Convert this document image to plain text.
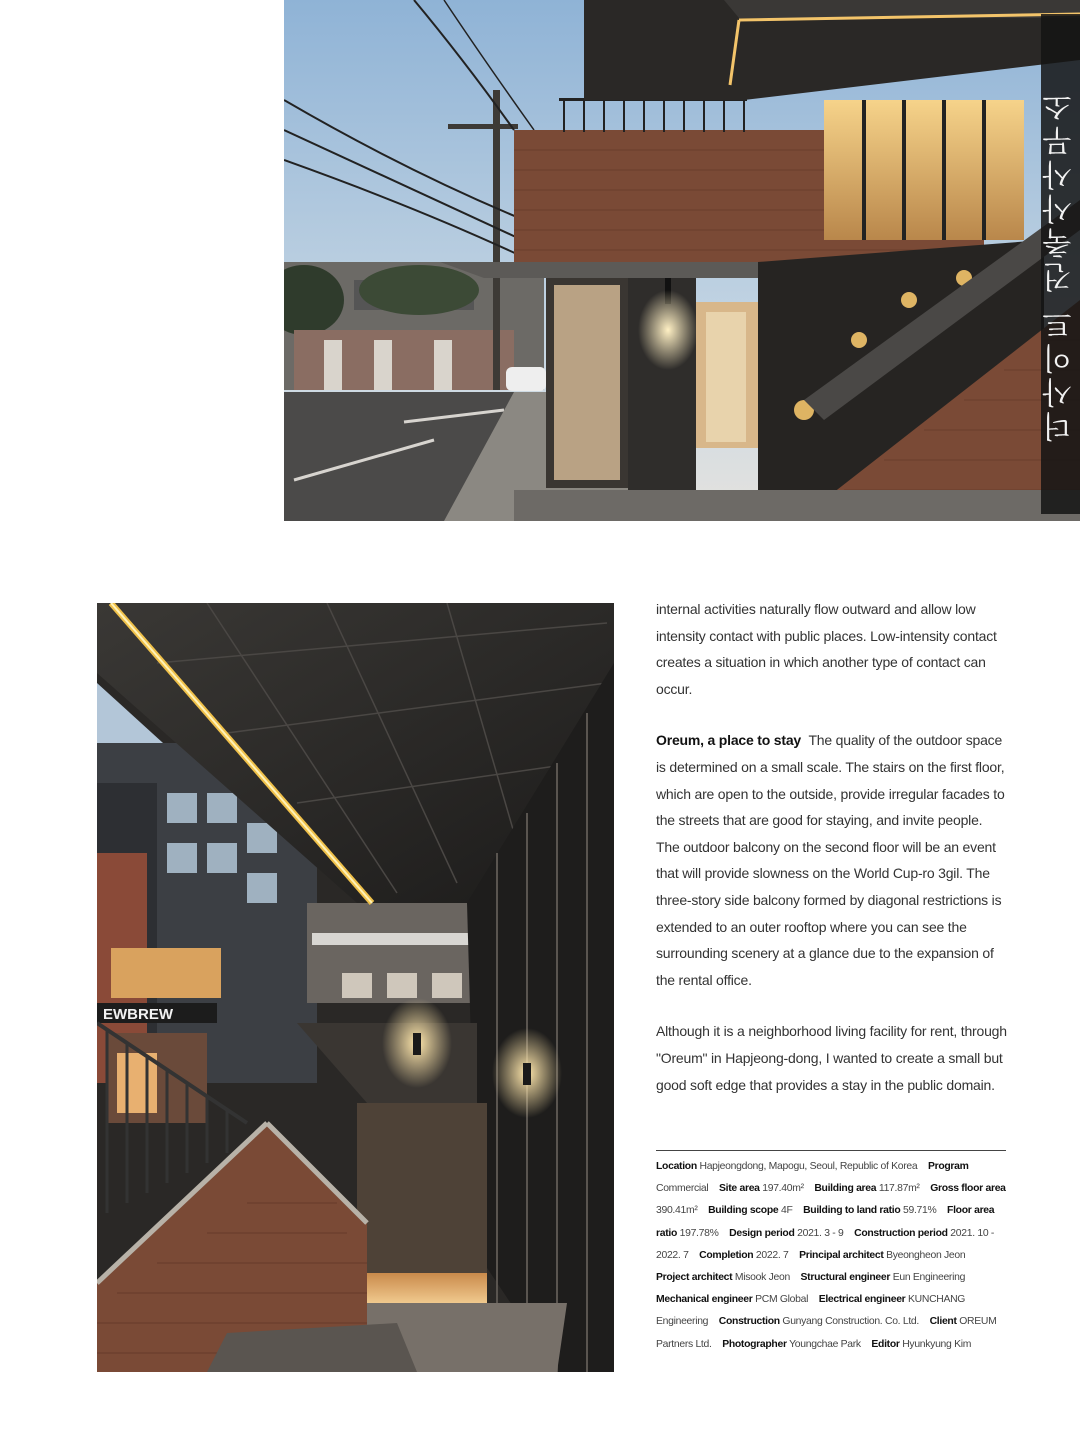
더사이트 건축사사무소
EWBREW

internal activities naturally flow outward and allow low intensity contact with public places. Low-intensity contact creates a situation in which another type of contact can occur.

Oreum, a place to stay The quality of the outdoor space is determined on a small scale. The stairs on the first floor, which are open to the outside, provide irregular facades to the streets that are good for staying, and invite people. The outdoor balcony on the second floor will be an event that will provide slowness on the World Cup-ro 3gil. The three-story side balcony formed by diagonal restrictions is extended to an outer rooftop where you can see the surrounding scenery at a glance due to the expansion of the rental office.

Although it is a neighborhood living facility for rent, through "Oreum" in Hapjeong-dong, I wanted to create a small but good soft edge that provides a stay in the public domain.

Location Hapjeongdong, Mapogu, Seoul, Republic of Korea Program Commercial Site area 197.40m² Building area 117.87m² Gross floor area 390.41m² Building scope 4F Building to land ratio 59.71% Floor area ratio 197.78% Design period 2021. 3 - 9 Construction period 2021. 10 - 2022. 7 Completion 2022. 7 Principal architect Byeongheon Jeon Project architect Misook Jeon Structural engineer Eun Engineering Mechanical engineer PCM Global Electrical engineer KUNCHANG Engineering Construction Gunyang Construction. Co. Ltd. Client OREUM Partners Ltd. Photographer Youngchae Park Editor Hyunkyung Kim
